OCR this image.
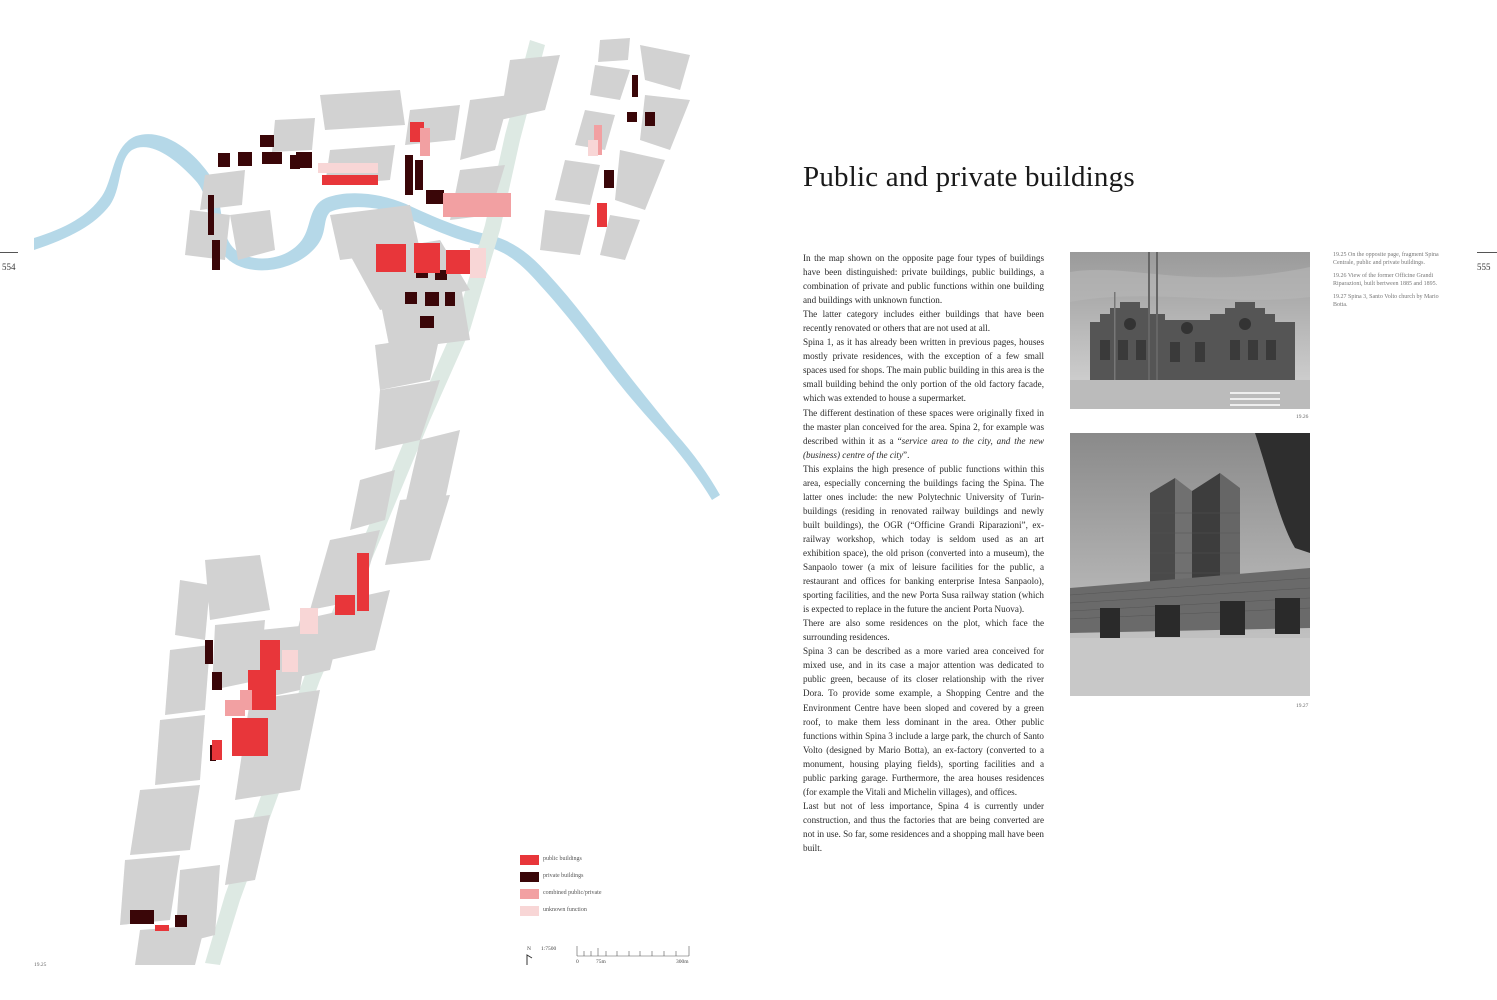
554
19.25
public buildings
private buildings
combined public/private
unknown function
N 1:7500
0	75m	300m
555
Public and private buildings

In the map shown on the opposite page four types of buildings have been distinguished: private buildings, public buildings, a combination of private and public functions within one building and buildings with unknown function.

The latter category includes either buildings that have been recently renovated or others that are not used at all.

Spina 1, as it has already been written in previous pages, houses mostly private residences, with the exception of a few small spaces used for shops. The main public building in this area is the small building behind the only portion of the old factory facade, which was extended to house a supermarket.

The different destination of these spaces were originally fixed in the master plan conceived for the area. Spina 2, for example was described within it as a “service area to the city, and the new (business) centre of the city”.

This explains the high presence of public functions within this area, especially concerning the buildings facing the Spina. The latter ones include: the new Polytechnic University of Turin-buildings (residing in renovated railway buildings and newly built buildings), the OGR (“Officine Grandi Riparazioni”, ex-railway workshop, which today is seldom used as an art exhibition space), the old prison (converted into a museum), the Sanpaolo tower (a mix of leisure facilities for the public, a restaurant and offices for banking enterprise Intesa Sanpaolo), sporting facilities, and the new Porta Susa railway station (which is expected to replace in the future the ancient Porta Nuova).

There are also some residences on the plot, which face the surrounding residences.

Spina 3 can be described as a more varied area conceived for mixed use, and in its case a major attention was dedicated to public green, because of its closer relationship with the river Dora. To provide some example, a Shopping Centre and the Environment Centre have been sloped and covered by a green roof, to make them less dominant in the area. Other public functions within Spina 3 include a large park, the church of Santo Volto (designed by Mario Botta), an ex-factory (converted to a monument, housing playing fields), sporting facilities and a public parking garage. Furthermore, the area houses residences (for example the Vitali and Michelin villages), and offices.

Last but not of less importance, Spina 4 is currently under construction, and thus the factories that are being converted are not in use. So far, some residences and a shopping mall have been built.

19.26
19.27

19.25 On the opposite page, fragment Spina Centrale, public and private buildings.

19.26 View of the former Officine Grandi Riparazioni, built bertween 1885 and 1895.

19.27 Spina 3, Santo Volto church by Mario Botta.
